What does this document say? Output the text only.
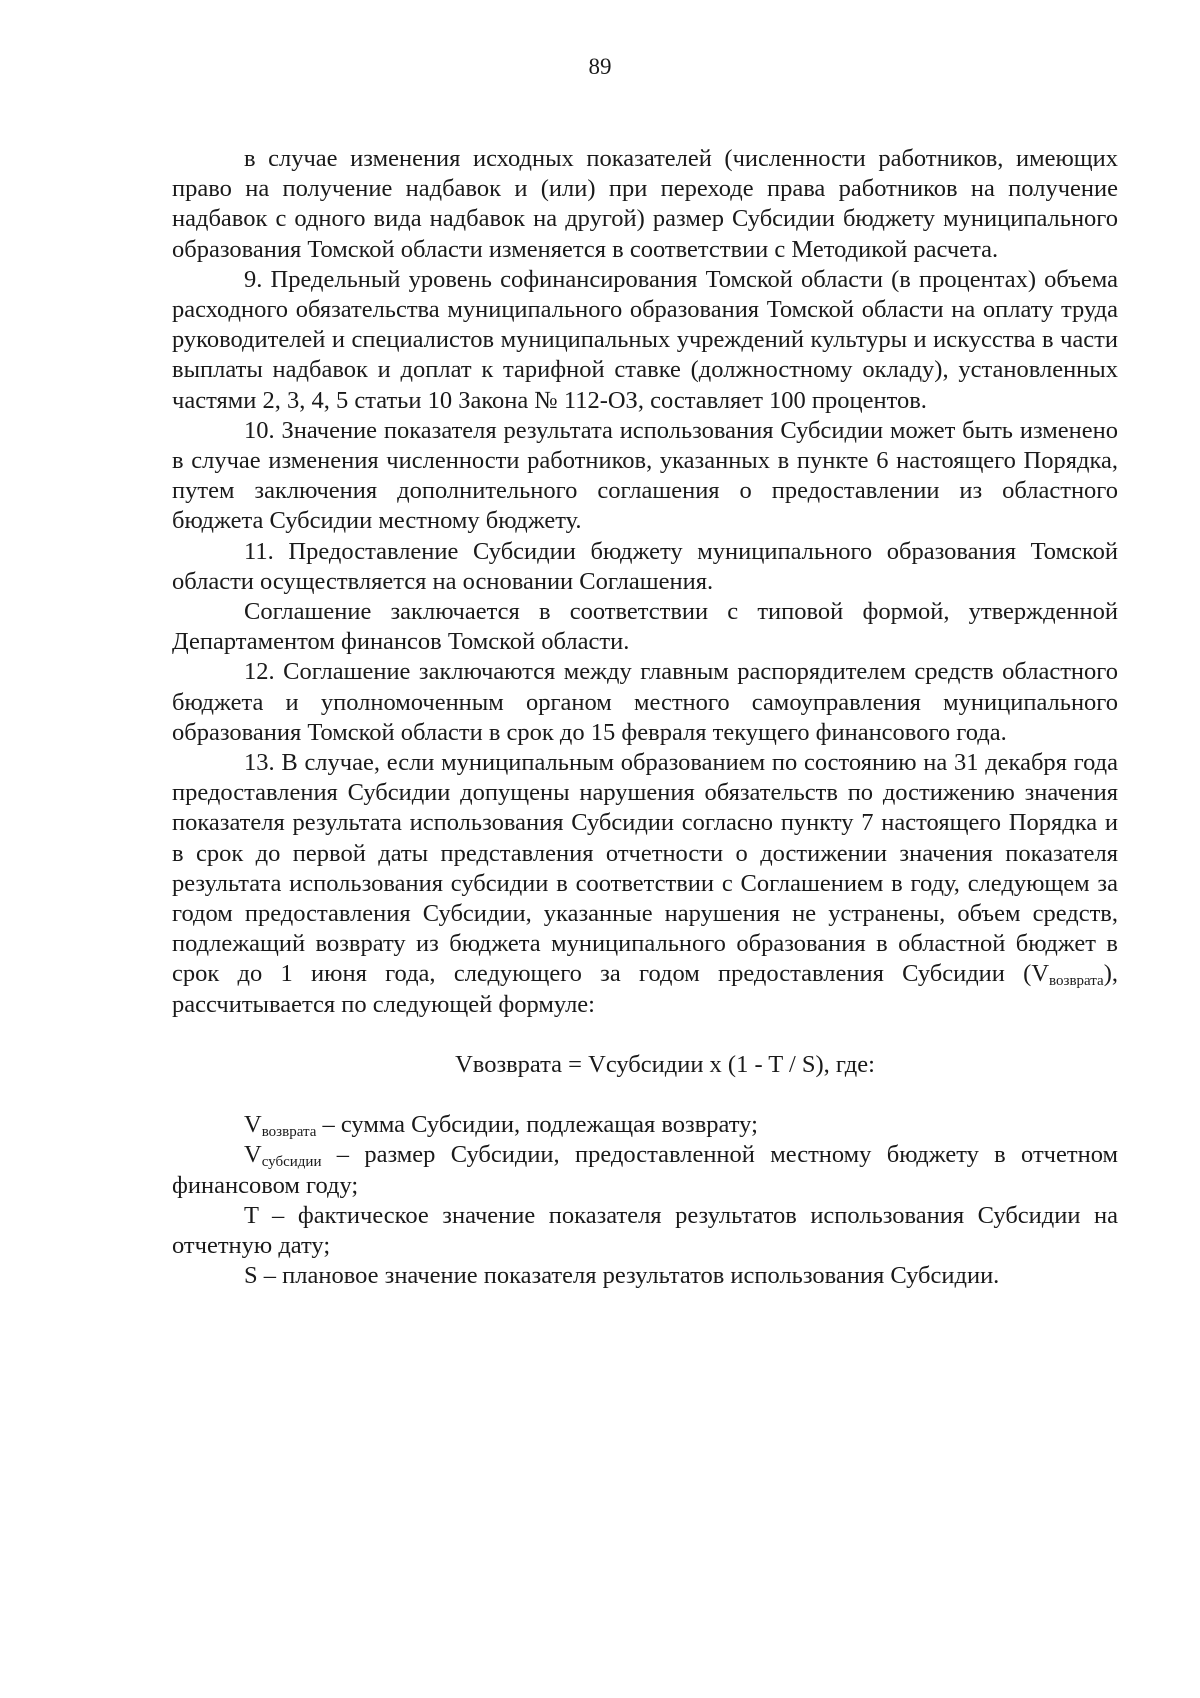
89

в случае изменения исходных показателей (численности работников, имеющих право на получение надбавок и (или) при переходе права работников на получение надбавок с одного вида надбавок на другой) размер Субсидии бюджету муниципального образования Томской области изменяется в соответствии с Методикой расчета.

9. Предельный уровень софинансирования Томской области (в процентах) объема расходного обязательства муниципального образования Томской области на оплату труда руководителей и специалистов муниципальных учреждений культуры и искусства в части выплаты надбавок и доплат к тарифной ставке (должностному окладу), установленных частями 2, 3, 4, 5 статьи 10 Закона № 112-ОЗ, составляет 100 процентов.

10. Значение показателя результата использования Субсидии может быть изменено в случае изменения численности работников, указанных в пункте 6 настоящего Порядка, путем заключения дополнительного соглашения о предоставлении из областного бюджета Субсидии местному бюджету.

11. Предоставление Субсидии бюджету муниципального образования Томской области осуществляется на основании Соглашения.

Соглашение заключается в соответствии с типовой формой, утвержденной Департаментом финансов Томской области.

12. Соглашение заключаются между главным распорядителем средств областного бюджета и уполномоченным органом местного самоуправления муниципального образования Томской области в срок до 15 февраля текущего финансового года.

13. В случае, если муниципальным образованием по состоянию на 31 декабря года предоставления Субсидии допущены нарушения обязательств по достижению значения показателя результата использования Субсидии согласно пункту 7 настоящего Порядка и в срок до первой даты представления отчетности о достижении значения показателя результата использования субсидии в соответствии с Соглашением в году, следующем за годом предоставления Субсидии, указанные нарушения не устранены, объем средств, подлежащий возврату из бюджета муниципального образования в областной бюджет в срок до 1 июня года, следующего за годом предоставления Субсидии $(V_{возврата})$, рассчитывается по следующей формуле:

Vвозврата = Vсубсидии x (1 - T / S), где:

$V_{возврата}$ – сумма Субсидии, подлежащая возврату;

$V_{субсидии}$ – размер Субсидии, предоставленной местному бюджету в отчетном финансовом году;

T – фактическое значение показателя результатов использования Субсидии на отчетную дату;

S – плановое значение показателя результатов использования Субсидии.
